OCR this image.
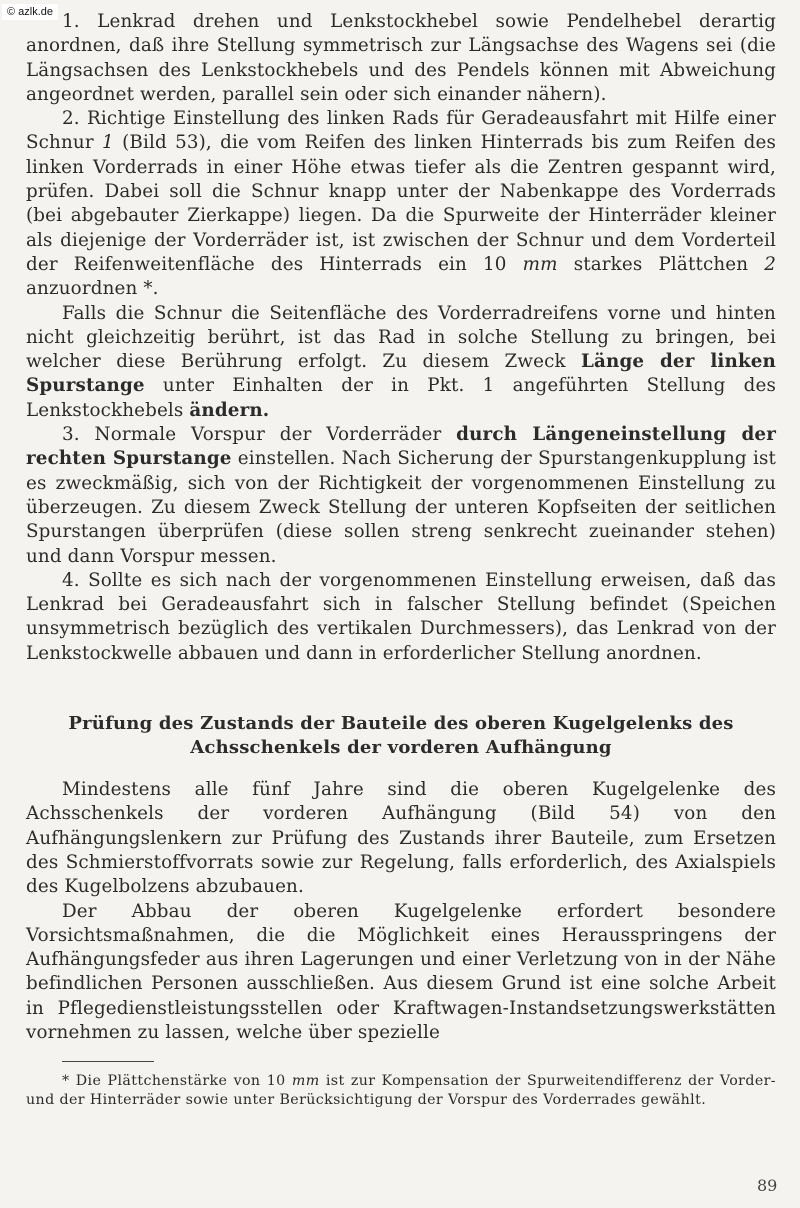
© azlk.de 1. Lenkrad drehen und Lenkstockhebel sowie Pendelhebel derartig anordnen, daß ihre Stellung symmetrisch zur Längsachse des Wagens sei (die Längsachsen des Lenkstockhebels und des Pendels können mit Abweichung angeordnet werden, parallel sein oder sich einander nähern).

2. Richtige Einstellung des linken Rads für Geradeausfahrt mit Hilfe einer Schnur 1 (Bild 53), die vom Reifen des linken Hinterrads bis zum Reifen des linken Vorderrads in einer Höhe etwas tiefer als die Zentren gespannt wird, prüfen. Dabei soll die Schnur knapp unter der Nabenkappe des Vorderrads (bei abgebauter Zierkappe) liegen. Da die Spurweite der Hinterräder kleiner als diejenige der Vorderräder ist, ist zwischen der Schnur und dem Vorderteil der Reifenweitenfläche des Hinterrads ein 10 mm starkes Plättchen 2 anzuordnen *.

Falls die Schnur die Seitenfläche des Vorderradreifens vorne und hinten nicht gleichzeitig berührt, ist das Rad in solche Stellung zu bringen, bei welcher diese Berührung erfolgt. Zu diesem Zweck Länge der linken Spurstange unter Einhalten der in Pkt. 1 angeführten Stellung des Lenkstockhebels ändern.

3. Normale Vorspur der Vorderräder durch Längeneinstellung der rechten Spurstange einstellen. Nach Sicherung der Spurstangenkupplung ist es zweckmäßig, sich von der Richtigkeit der vorgenommenen Einstellung zu überzeugen. Zu diesem Zweck Stellung der unteren Kopfseiten der seitlichen Spurstangen überprüfen (diese sollen streng senkrecht zueinander stehen) und dann Vorspur messen.

4. Sollte es sich nach der vorgenommenen Einstellung erweisen, daß das Lenkrad bei Geradeausfahrt sich in falscher Stellung befindet (Speichen unsymmetrisch bezüglich des vertikalen Durchmessers), das Lenkrad von der Lenkstockwelle abbauen und dann in erforderlicher Stellung anordnen.

Prüfung des Zustands der Bauteile des oberen Kugelgelenks des
Achsschenkels der vorderen Aufhängung

Mindestens alle fünf Jahre sind die oberen Kugelgelenke des Achsschenkels der vorderen Aufhängung (Bild 54) von den Aufhängungslenkern zur Prüfung des Zustands ihrer Bauteile, zum Ersetzen des Schmierstoffvorrats sowie zur Regelung, falls erforderlich, des Axialspiels des Kugelbolzens abzubauen.

Der Abbau der oberen Kugelgelenke erfordert besondere Vorsichtsmaßnahmen, die die Möglichkeit eines Herausspringens der Aufhängungsfeder aus ihren Lagerungen und einer Verletzung von in der Nähe befindlichen Personen ausschließen. Aus diesem Grund ist eine solche Arbeit in Pflegedienstleistungsstellen oder Kraftwagen-Instandsetzungswerkstätten vornehmen zu lassen, welche über spezielle

* Die Plättchenstärke von 10 mm ist zur Kompensation der Spurweitendifferenz der Vorder- und der Hinterräder sowie unter Berücksichtigung der Vorspur des Vorderrades gewählt.

89
